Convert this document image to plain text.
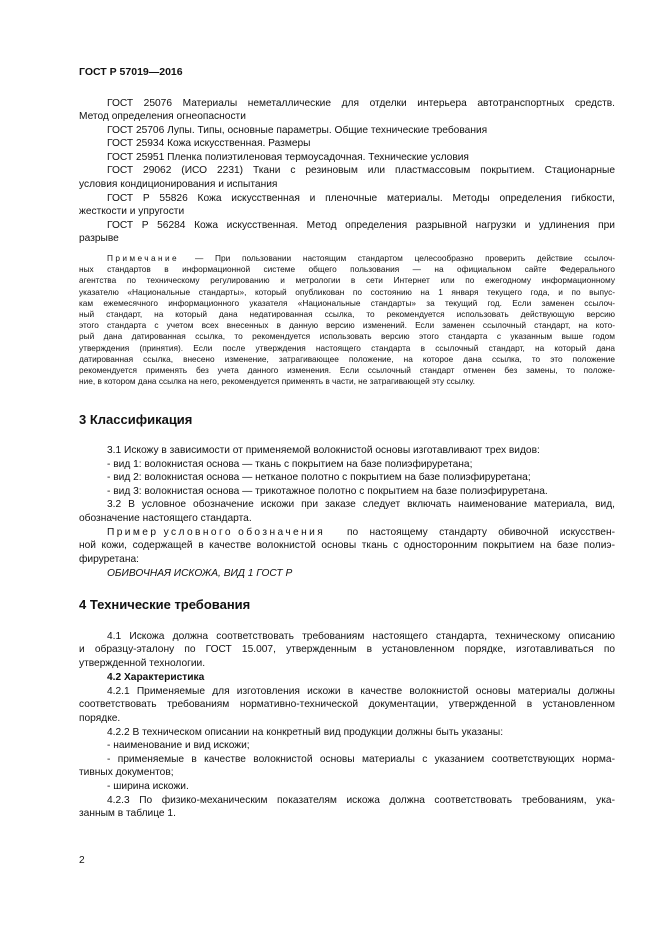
ГОСТ Р 57019—2016
ГОСТ 25076 Материалы неметаллические для отделки интерьера автотранспортных средств.
Метод определения огнеопасности
ГОСТ 25706 Лупы. Типы, основные параметры. Общие технические требования
ГОСТ 25934 Кожа искусственная. Размеры
ГОСТ 25951 Пленка полиэтиленовая термоусадочная. Технические условия
ГОСТ 29062 (ИСО 2231) Ткани с резиновым или пластмассовым покрытием. Стационарные
условия кондиционирования и испытания
ГОСТ Р 55826 Кожа искусственная и пленочные материалы. Методы определения гибкости,
жесткости и упругости
ГОСТ Р 56284 Кожа искусственная. Метод определения разрывной нагрузки и удлинения при
разрыве
Примечание — При пользовании настоящим стандартом целесообразно проверить действие ссылоч-
ных стандартов в информационной системе общего пользования — на официальном сайте Федерального
агентства по техническому регулированию и метрологии в сети Интернет или по ежегодному информационному
указателю «Национальные стандарты», который опубликован по состоянию на 1 января текущего года, и по выпус-
кам ежемесячного информационного указателя «Национальные стандарты» за текущий год. Если заменен ссылоч-
ный стандарт, на который дана недатированная ссылка, то рекомендуется использовать действующую версию
этого стандарта с учетом всех внесенных в данную версию изменений. Если заменен ссылочный стандарт, на кото-
рый дана датированная ссылка, то рекомендуется использовать версию этого стандарта с указанным выше годом
утверждения (принятия). Если после утверждения настоящего стандарта в ссылочный стандарт, на который дана
датированная ссылка, внесено изменение, затрагивающее положение, на которое дана ссылка, то это положение
рекомендуется применять без учета данного изменения. Если ссылочный стандарт отменен без замены, то положе-
ние, в котором дана ссылка на него, рекомендуется применять в части, не затрагивающей эту ссылку.
3 Классификация
3.1 Искожу в зависимости от применяемой волокнистой основы изготавливают трех видов:
- вид 1: волокнистая основа — ткань с покрытием на базе полиэфируретана;
- вид 2: волокнистая основа — нетканое полотно с покрытием на базе полиэфируретана;
- вид 3: волокнистая основа — трикотажное полотно с покрытием на базе полиэфируретана.
3.2 В условное обозначение искожи при заказе следует включать наименование материала, вид,
обозначение настоящего стандарта.
Пример условного обозначения по настоящему стандарту обивочной искусствен-
ной кожи, содержащей в качестве волокнистой основы ткань с односторонним покрытием на базе полиэ-
фируретана:
ОБИВОЧНАЯ ИСКОЖА, ВИД 1 ГОСТ Р
4 Технические требования
4.1 Искожа должна соответствовать требованиям настоящего стандарта, техническому описанию
и образцу-эталону по ГОСТ 15.007, утвержденным в установленном порядке, изготавливаться по
утвержденной технологии.
4.2 Характеристика
4.2.1 Применяемые для изготовления искожи в качестве волокнистой основы материалы должны
соответствовать требованиям нормативно-технической документации, утвержденной в установленном
порядке.
4.2.2 В техническом описании на конкретный вид продукции должны быть указаны:
- наименование и вид искожи;
- применяемые в качестве волокнистой основы материалы с указанием соответствующих норма-
тивных документов;
- ширина искожи.
4.2.3 По физико-механическим показателям искожа должна соответствовать требованиям, ука-
занным в таблице 1.
2
